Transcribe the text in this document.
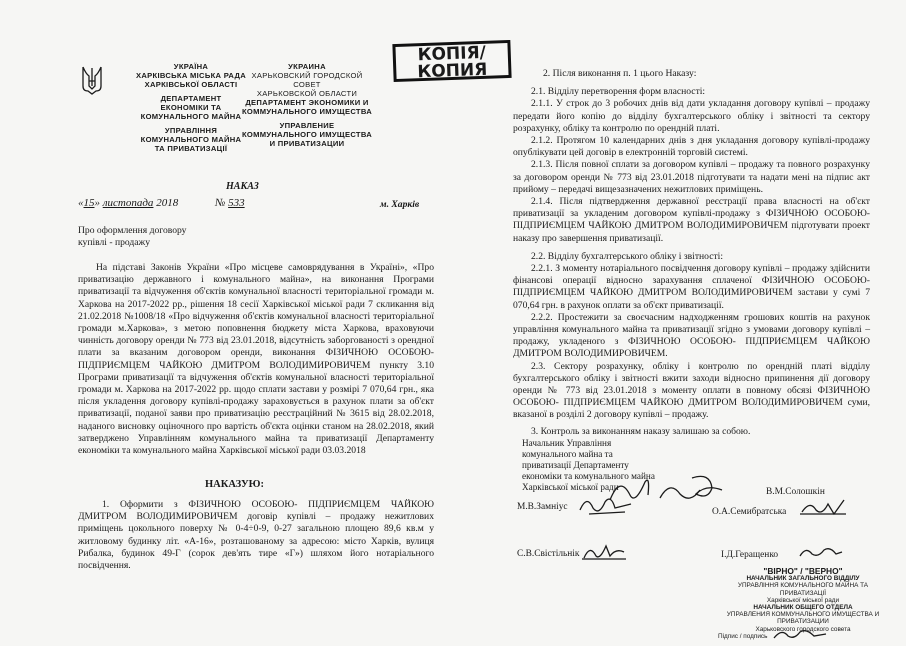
УКРАЇНА
ХАРКІВСЬКА МІСЬКА РАДА
ХАРКІВСЬКОЇ ОБЛАСТІ
ДЕПАРТАМЕНТ
ЕКОНОМІКИ ТА
КОМУНАЛЬНОГО МАЙНА
УПРАВЛІННЯ
КОМУНАЛЬНОГО МАЙНА
ТА ПРИВАТИЗАЦІЇ
УКРАИНА
ХАРЬКОВСКИЙ ГОРОДСКОЙ
СОВЕТ
ХАРЬКОВСКОЙ ОБЛАСТИ
ДЕПАРТАМЕНТ ЭКОНОМИКИ И
КОММУНАЛЬНОГО ИМУЩЕСТВА
УПРАВЛЕНИЕ
КОММУНАЛЬНОГО ИМУЩЕСТВА
И ПРИВАТИЗАЦИИ
КОПІЯ/
КОПИЯ
НАКАЗ
«15» листопада 2018	№ 533	м. Харків
Про оформлення договору
купівлі - продажу

На підставі Законів України «Про місцеве самоврядування в Україні», «Про приватизацію державного і комунального майна», на виконання Програми приватизації та відчуження об'єктів комунальної власності територіальної громади м. Харкова на 2017-2022 рр., рішення 18 сесії Харківської міської ради 7 скликання від 21.02.2018 №1008/18 «Про відчуження об'єктів комунальної власності територіальної громади м.Харкова», з метою поповнення бюджету міста Харкова, враховуючи чинність договору оренди № 773 від 23.01.2018, відсутність заборгованості з орендної плати за вказаним договором оренди, виконання ФІЗИЧНОЮ ОСОБОЮ- ПІДПРИЄМЦЕМ ЧАЙКОЮ ДМИТРОМ ВОЛОДИМИРОВИЧЕМ пункту 3.10 Програми приватизації та відчуження об'єктів комунальної власності територіальної громади м. Харкова на 2017-2022 рр. щодо сплати застави у розмірі 7 070,64 грн., яка після укладення договору купівлі-продажу зараховується в рахунок плати за об'єкт приватизації, поданої заяви про приватизацію реєстраційний № 3615 від 28.02.2018, наданого висновку оціночного про вартість об'єкта оцінки станом на 28.02.2018, який затверджено Управлінням комунального майна та приватизації Департаменту економіки та комунального майна Харківської міської ради 03.03.2018

НАКАЗУЮ:

1. Оформити з ФІЗИЧНОЮ ОСОБОЮ- ПІДПРИЄМЦЕМ ЧАЙКОЮ ДМИТРОМ ВОЛОДИМИРОВИЧЕМ договір купівлі – продажу нежитлових приміщень цокольного поверху № 0-4÷0-9, 0-27 загальною площею 89,6 кв.м у житловому будинку літ. «А-16», розташованому за адресою: місто Харків, вулиця Рибалка, будинок 49-Г (сорок дев'ять тире «Г») шляхом його нотаріального посвідчення.

2. Після виконання п. 1 цього Наказу:

2.1. Відділу перетворення форм власності:

2.1.1. У строк до 3 робочих днів від дати укладання договору купівлі – продажу передати його копію до відділу бухгалтерського обліку і звітності та сектору розрахунку, обліку та контролю по орендній платі.

2.1.2. Протягом 10 календарних днів з дня укладання договору купівлі-продажу опублікувати цей договір в електронній торговій системі.

2.1.3. Після повної сплати за договором купівлі – продажу та повного розрахунку за договором оренди № 773 від 23.01.2018 підготувати та надати мені на підпис акт прийому – передачі вищезазначених нежитлових приміщень.

2.1.4. Після підтвердження державної реєстрації права власності на об'єкт приватизації за укладеним договором купівлі-продажу з ФІЗИЧНОЮ ОСОБОЮ- ПІДПРИЄМЦЕМ ЧАЙКОЮ ДМИТРОМ ВОЛОДИМИРОВИЧЕМ підготувати проект наказу про завершення приватизації.

2.2. Відділу бухгалтерського обліку і звітності:

2.2.1. З моменту нотаріального посвідчення договору купівлі – продажу здійснити фінансові операції відносно зарахування сплаченої ФІЗИЧНОЮ ОСОБОЮ- ПІДПРИЄМЦЕМ ЧАЙКОЮ ДМИТРОМ ВОЛОДИМИРОВИЧЕМ застави у сумі 7 070,64 грн. в рахунок оплати за об'єкт приватизації.

2.2.2. Простежити за своєчасним надходженням грошових коштів на рахунок управління комунального майна та приватизації згідно з умовами договору купівлі – продажу, укладеного з ФІЗИЧНОЮ ОСОБОЮ- ПІДПРИЄМЦЕМ ЧАЙКОЮ ДМИТРОМ ВОЛОДИМИРОВИЧЕМ.

2.3. Сектору розрахунку, обліку і контролю по орендній платі відділу бухгалтерського обліку і звітності вжити заходи відносно припинення дії договору оренди № 773 від 23.01.2018 з моменту оплати в повному обсязі ФІЗИЧНОЮ ОСОБОЮ- ПІДПРИЄМЦЕМ ЧАЙКОЮ ДМИТРОМ ВОЛОДИМИРОВИЧЕМ суми, вказаної в розділі 2 договору купівлі – продажу.

3. Контроль за виконанням наказу залишаю за собою.

Начальник Управління
комунального майна та
приватизації Департаменту
економіки та комунального майна
Харківської міської ради	В.М.Солошкін
М.В.Замніус	О.А.Семибратська
С.В.Свістільнік	І.Д.Геращенко
"ВІРНО" / "ВЕРНО"
НАЧАЛЬНИК ЗАГАЛЬНОГО ВІДДІЛУ
УПРАВЛІННЯ КОМУНАЛЬНОГО МАЙНА ТА ПРИВАТИЗАЦІЇ
Харківської міської ради
НАЧАЛЬНИК ОБЩЕГО ОТДЕЛА
УПРАВЛЕНИЯ КОММУНАЛЬНОГО ИМУЩЕСТВА И ПРИВАТИЗАЦИИ
Харьковского городского совета
Підпис / подпись
